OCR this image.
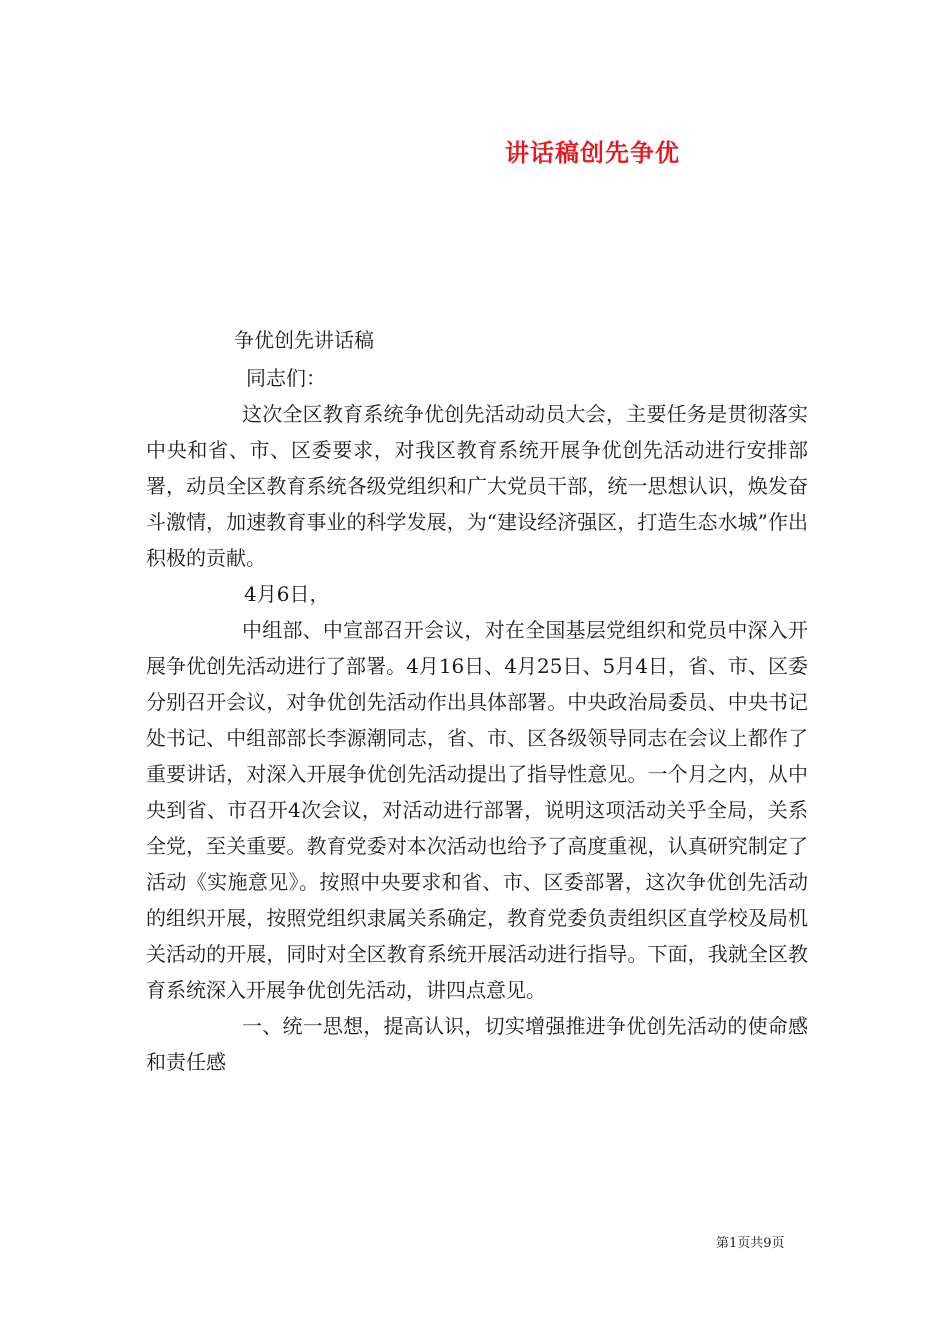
讲话稿创先争优

争优创先讲话稿

同志们：

这次全区教育系统争优创先活动动员大会，主要任务是贯彻落实中央和省、市、区委要求，对我区教育系统开展争优创先活动进行安排部署，动员全区教育系统各级党组织和广大党员干部，统一思想认识，焕发奋斗激情，加速教育事业的科学发展，为“建设经济强区，打造生态水城”作出积极的贡献。

4月6日，

中组部、中宣部召开会议，对在全国基层党组织和党员中深入开展争优创先活动进行了部署。4月16日、4月25日、5月4日，省、市、区委分别召开会议，对争优创先活动作出具体部署。中央政治局委员、中央书记处书记、中组部部长李源潮同志，省、市、区各级领导同志在会议上都作了重要讲话，对深入开展争优创先活动提出了指导性意见。一个月之内，从中央到省、市召开4次会议，对活动进行部署，说明这项活动关乎全局，关系全党，至关重要。教育党委对本次活动也给予了高度重视，认真研究制定了活动《实施意见》。按照中央要求和省、市、区委部署，这次争优创先活动的组织开展，按照党组织隶属关系确定，教育党委负责组织区直学校及局机关活动的开展，同时对全区教育系统开展活动进行指导。下面，我就全区教育系统深入开展争优创先活动，讲四点意见。

一、统一思想，提高认识，切实增强推进争优创先活动的使命感和责任感

第1页共9页
